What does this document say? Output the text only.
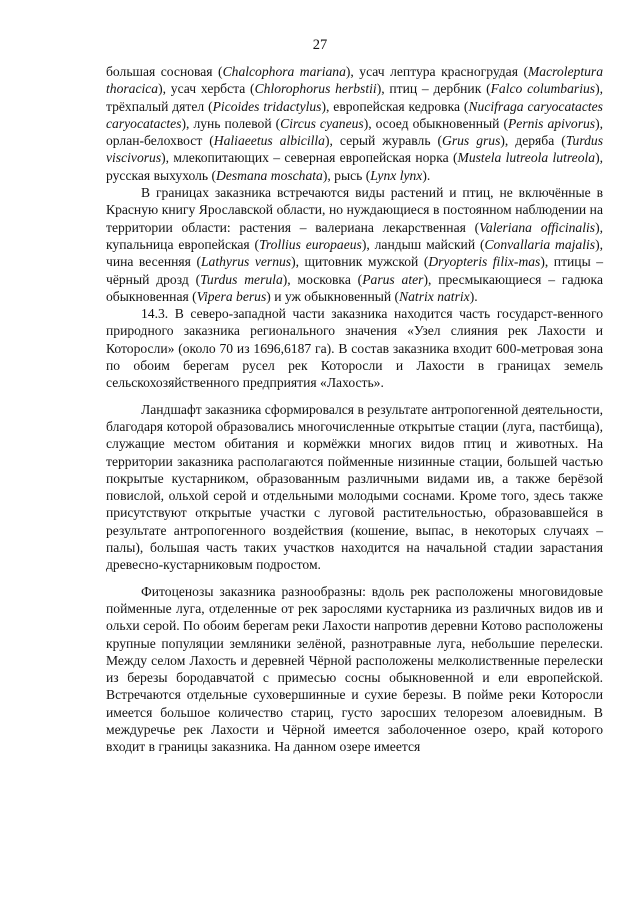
27

большая сосновая (Chalcophora mariana), усач лептура красногрудая (Macroleptura thoracica), усач хербста (Chlorophorus herbstii), птиц – дербник (Falco columbarius), трёхпалый дятел (Picoides tridactylus), европейская кедровка (Nucifraga caryocatactes caryocatactes), лунь полевой (Circus cyaneus), осоед обыкновенный (Pernis apivorus), орлан-белохвост (Haliaeetus albicilla), серый журавль (Grus grus), деряба (Turdus viscivorus), млекопитающих – северная европейская норка (Mustela lutreola lutreola), русская выхухоль (Desmana moschata), рысь (Lynx lynx).

В границах заказника встречаются виды растений и птиц, не включённые в Красную книгу Ярославской области, но нуждающиеся в постоянном наблюдении на территории области: растения – валериана лекарственная (Valeriana officinalis), купальница европейская (Trollius europaeus), ландыш майский (Convallaria majalis), чина весенняя (Lathyrus vernus), щитовник мужской (Dryopteris filix-mas), птицы – чёрный дрозд (Turdus merula), московка (Parus ater), пресмыкающиеся – гадюка обыкновенная (Vipera berus) и уж обыкновенный (Natrix natrix).

14.3. В северо-западной части заказника находится часть государст-венного природного заказника регионального значения «Узел слияния рек Лахости и Которосли» (около 70 из 1696,6187 га). В состав заказника входит 600-метровая зона по обоим берегам русел рек Которосли и Лахости в границах земель сельскохозяйственного предприятия «Лахость».

Ландшафт заказника сформировался в результате антропогенной деятельности, благодаря которой образовались многочисленные открытые стации (луга, пастбища), служащие местом обитания и кормёжки многих видов птиц и животных. На территории заказника располагаются пойменные низинные стации, большей частью покрытые кустарником, образованным различными видами ив, а также берёзой повислой, ольхой серой и отдельными молодыми соснами. Кроме того, здесь также присутствуют открытые участки с луговой растительностью, образовавшейся в результате антропогенного воздействия (кошение, выпас, в некоторых случаях – палы), большая часть таких участков находится на начальной стадии зарастания древесно-кустарниковым подростом.

Фитоценозы заказника разнообразны: вдоль рек расположены многовидовые пойменные луга, отделенные от рек зарослями кустарника из различных видов ив и ольхи серой. По обоим берегам реки Лахости напротив деревни Котово расположены крупные популяции земляники зелёной, разнотравные луга, небольшие перелески. Между селом Лахость и деревней Чёрной расположены мелколиственные перелески из березы бородавчатой с примесью сосны обыкновенной и ели европейской. Встречаются отдельные суховершинные и сухие березы. В пойме реки Которосли имеется большое количество стариц, густо заросших телорезом алоевидным. В междуречье рек Лахости и Чёрной имеется заболоченное озеро, край которого входит в границы заказника. На данном озере имеется
